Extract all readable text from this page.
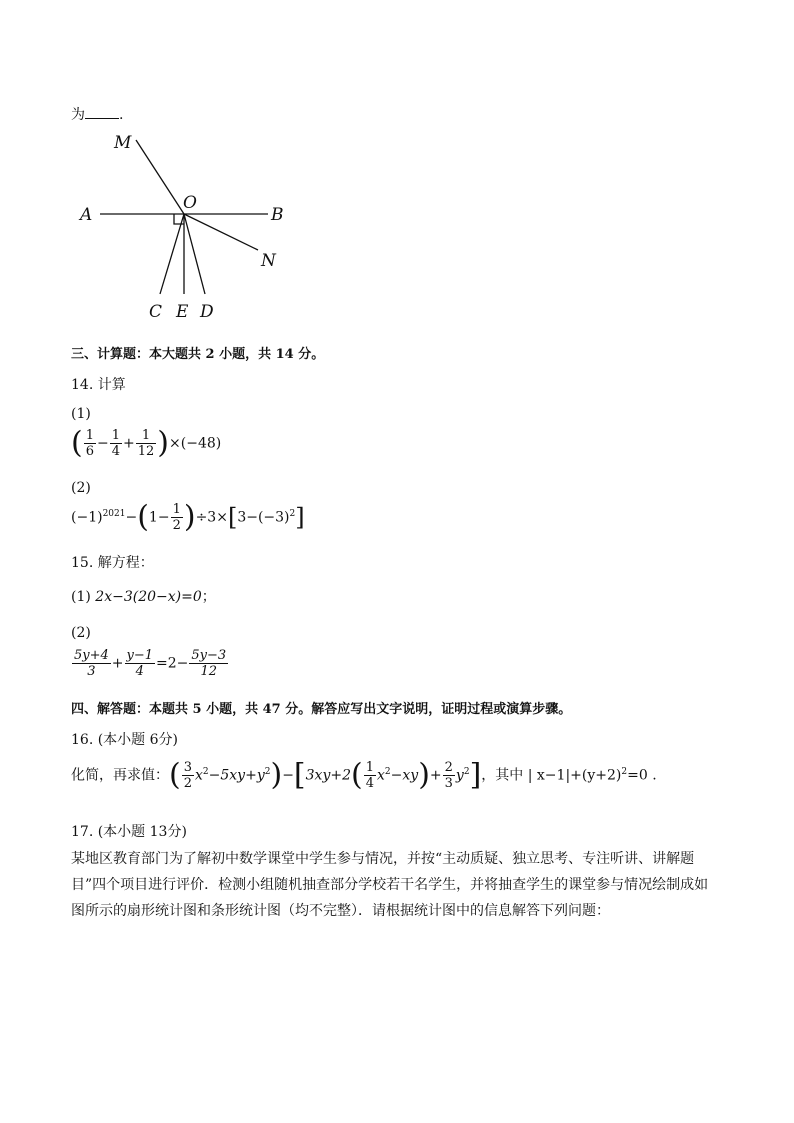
为 .
M
O
A	B
N
C E D
三、计算题：本大题共 2 小题，共 14 分。
14. 计算
(1)
( $\frac{1}{6} - \frac{1}{4} + \frac{1}{12} )\times(-48)$
(2)
$(-1)^{2021}-(1- \frac{1}{2} )\div 3\times[3-(-3)^2]$
15. 解方程：
(1) 2x−3(20−x)=0；
(2)
$\frac{5y+4}{3} + \frac{y-1}{4} =2- \frac{5y-3}{12}$
四、解答题：本题共 5 小题，共 47 分。解答应写出文字说明，证明过程或演算步骤。
16. (本小题 6分)
化简，再求值：( $\frac{3}{2} x^2-5xy+y^2)-[3xy+2( \frac{1}{4} x^2-xy)+ \frac{2}{3} y^2]$，其中 | $x-1|+(y+2)^2=0$ .
17. (本小题 13分)
某地区教育部门为了解初中数学课堂中学生参与情况，并按“主动质疑、独立思考、专注听讲、讲解题目”四个项目进行评价．检测小组随机抽查部分学校若干名学生，并将抽查学生的课堂参与情况绘制成如图所示的扇形统计图和条形统计图（均不完整）．请根据统计图中的信息解答下列问题：
